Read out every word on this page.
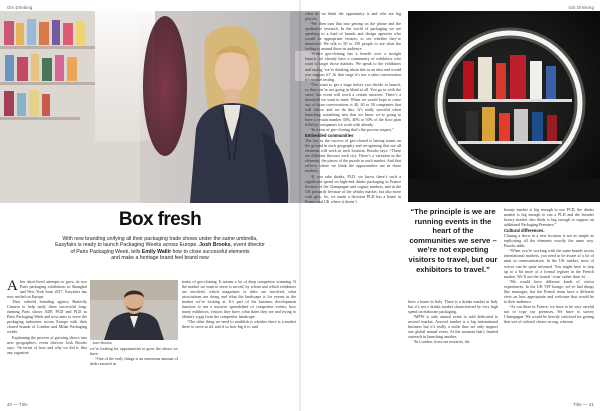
Gin Drinking	Gin Drinking
40 — Title	Title — 41
Box fresh
With new branding unifying all their packaging trade shows under the same umbrella,
Easyfairs is ready to launch Packaging Weeks across Europe. Josh Brooks, event director
of Paris Packaging Week, tells Emily Wallir how to close successful elements
and make a heritage brand feel brand new
A fter short-lived attempts to grow its two Paris packaging exhibitions in Shanghai and New York from 2017, Easyfairs has now settled on Europe.

They ordered branding agency Butterfly Cannon to help unify three successful long-running Paris shows ADF, PCD and PLD as Paris Packaging Week and now aims to serve the packaging industries across Europe with their cloned brands of London and Milan Packaging weeks.

Explaining the process of growing shows into new geographies, event director Josh Brooks says: “In terms of how and why we did it, like any organiser

Josh Brooks

we’re looking for opportunities to grow the shows we have.

“One of the early things is an enormous amount of desk research in

terms of geo-cloning. It means a lot of deep competitor scanning. If the market we want to serve is served, by whom and which exhibitors are involved, which magazines or titles are involved, what associations are doing and what the landscape is for events in the market we’re looking at. It’s part of the business development function to run a massive spreadsheet of competitor events, how many exhibitors, visitors they have, what dates they are and trying to identify a gap from the competitor landscape.

“The other thing we need to establish is whether there is a market there to serve at all, and if so how big it is, and

what do we think the opportunity is and who are big players.

“We then turn that into getting on the phone and the qualitative research. In the world of packaging we are speaking to a load of brands and design agencies who would be appropriate visitors, to see whether they’re interested. We talk to 50 to 150 people to see what the feeling is around those as audience.

“Where geo-cloning has a benefit over a straight launch, we already have a community of exhibitors who want to target those markets. We speak to the exhibitors and saying ‘we’re thinking about this as an idea and would you support it?’ At that stage it’s not a sales conversation it’s market testing.

“You want to get a stage before you decide to launch, so that you’re not going in blind at all. You go in with the sense this event will reach a certain turnover. There’s a threshold we want to meet. When we would hope to come out of those conversations is 40, 40 or 50 companies that will follow and we do this. It’s really stressful when launching something new that we know we’re going to have a certain number 30%, 40% or 50% of the floor plan filled by companies we work with already.

“In terms of geo-cloning that’s the process respect.”

Embedded communities

The key to the success of geo-cloned is having teams on the ground in each geography and recognising that not all elements will work in each location, Brooks says: “These are different flavours each city. There’s a variation in the elements, the pieces of the puzzle in each market. And that reflects where we think the opportunities are in those markets.

“If you take drinks, PLD, we know there’s such a significant spend on high-end drinks packaging in France because of the Champagne and cognac markets, and in the UK primarily because of the whisky market, but also more craft gins. So, we made a decision PLD has a home in France and UK where it doesn’t

“The principle is we are running events in the heart of the communities we serve – we’re not expecting visitors to travel, but our exhibitors to travel.”

have a home in Italy. There is a drinks market in Italy but it’s not a drinks market characterised by very high spend on elaborate packaging.

“MPW is only annual event to sold dedicated to aerosol market. Aerosol market is a big international business but it’s really a niche thus we only support one global annual event. At the moment that’s limited outreach in launching another.

“In London, from our research, the

beauty market is big enough to use PCD, the drinks market is big enough to run a PLD and the broader luxury market also think is big enough to support an additional Packaging Premiere.”

Cultural differences.

Cloning a show in a new location is not as simple as replicating all the elements exactly the same way. Brooks adds:

“When you’re working with the same brands across international markets, you need to be aware of a lot of mini in communication. In the UK market, most of voices can be quite informal. You might have to step up to a bit more of a formal register in the French market. We’ll use the formal ‘vous’ rather than ‘tu’.

“We would have different kinds of visitor experiences. In the UK VIP lounge, we’ve had things like massages, but the French team have a different view on how appropriate and welcome that would be to their audience.

“As out there in France, we have to be very careful not to copy our premises. We have to survey Champagne. We would be heavily criticised for getting that sort of cultural choice wrong, whereas
